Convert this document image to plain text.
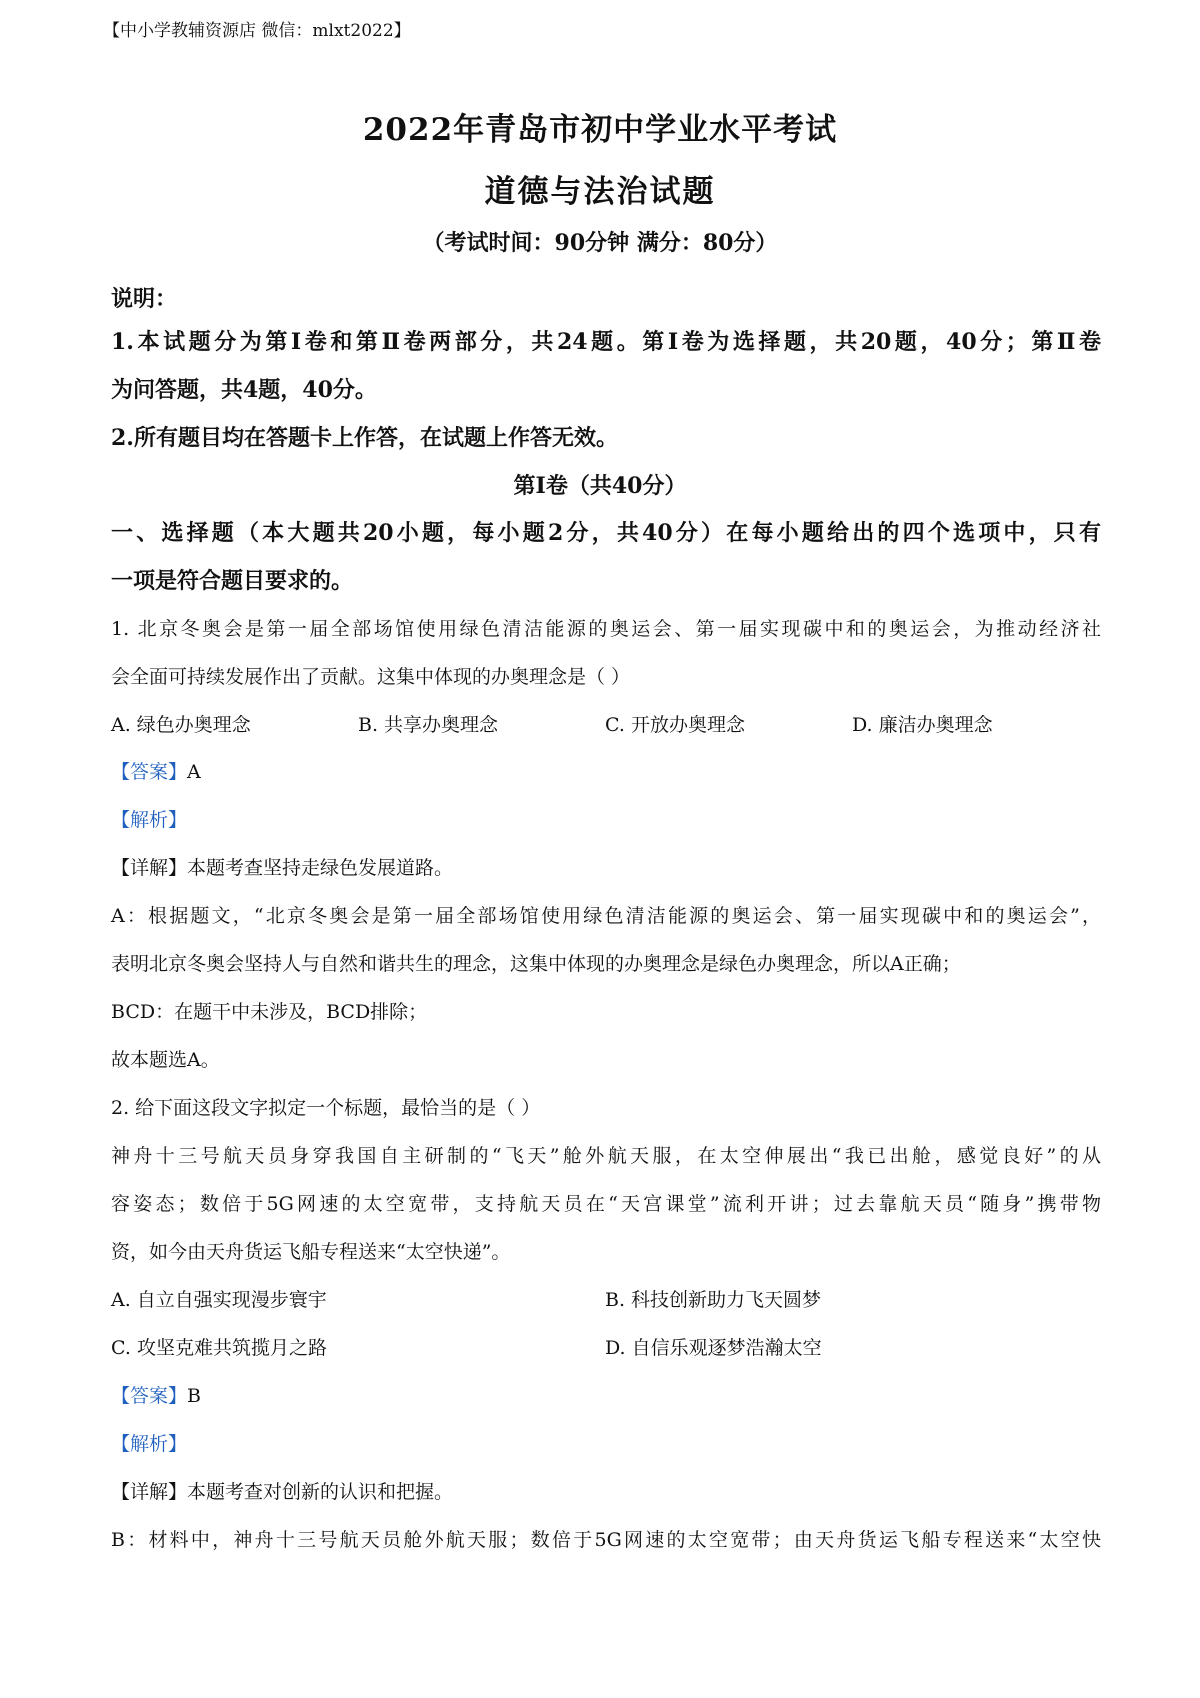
【中小学教辅资源店 微信：mlxt2022】
2022年青岛市初中学业水平考试
道德与法治试题
（考试时间：90分钟 满分：80分）
说明：
1.本试题分为第Ⅰ卷和第Ⅱ卷两部分，共24题。第Ⅰ卷为选择题，共20题，40分；第Ⅱ卷
为问答题，共4题，40分。
2.所有题目均在答题卡上作答，在试题上作答无效。
第Ⅰ卷（共40分）
一、选择题（本大题共20小题，每小题2分，共40分）在每小题给出的四个选项中，只有
一项是符合题目要求的。
1. 北京冬奥会是第一届全部场馆使用绿色清洁能源的奥运会、第一届实现碳中和的奥运会，为推动经济社
会全面可持续发展作出了贡献。这集中体现的办奥理念是（ ）
A. 绿色办奥理念	B. 共享办奥理念	C. 开放办奥理念	D. 廉洁办奥理念
【答案】A
【解析】
【详解】本题考查坚持走绿色发展道路。
A：根据题文，“北京冬奥会是第一届全部场馆使用绿色清洁能源的奥运会、第一届实现碳中和的奥运会”，
表明北京冬奥会坚持人与自然和谐共生的理念，这集中体现的办奥理念是绿色办奥理念，所以A正确；
BCD：在题干中未涉及，BCD排除；
故本题选A。
2. 给下面这段文字拟定一个标题，最恰当的是（ ）
神舟十三号航天员身穿我国自主研制的“飞天”舱外航天服，在太空伸展出“我已出舱，感觉良好”的从
容姿态；数倍于5G网速的太空宽带，支持航天员在“天宫课堂”流利开讲；过去靠航天员“随身”携带物
资，如今由天舟货运飞船专程送来“太空快递”。
A. 自立自强实现漫步寰宇	B. 科技创新助力飞天圆梦
C. 攻坚克难共筑揽月之路	D. 自信乐观逐梦浩瀚太空
【答案】B
【解析】
【详解】本题考查对创新的认识和把握。
B：材料中，神舟十三号航天员舱外航天服；数倍于5G网速的太空宽带；由天舟货运飞船专程送来“太空快
